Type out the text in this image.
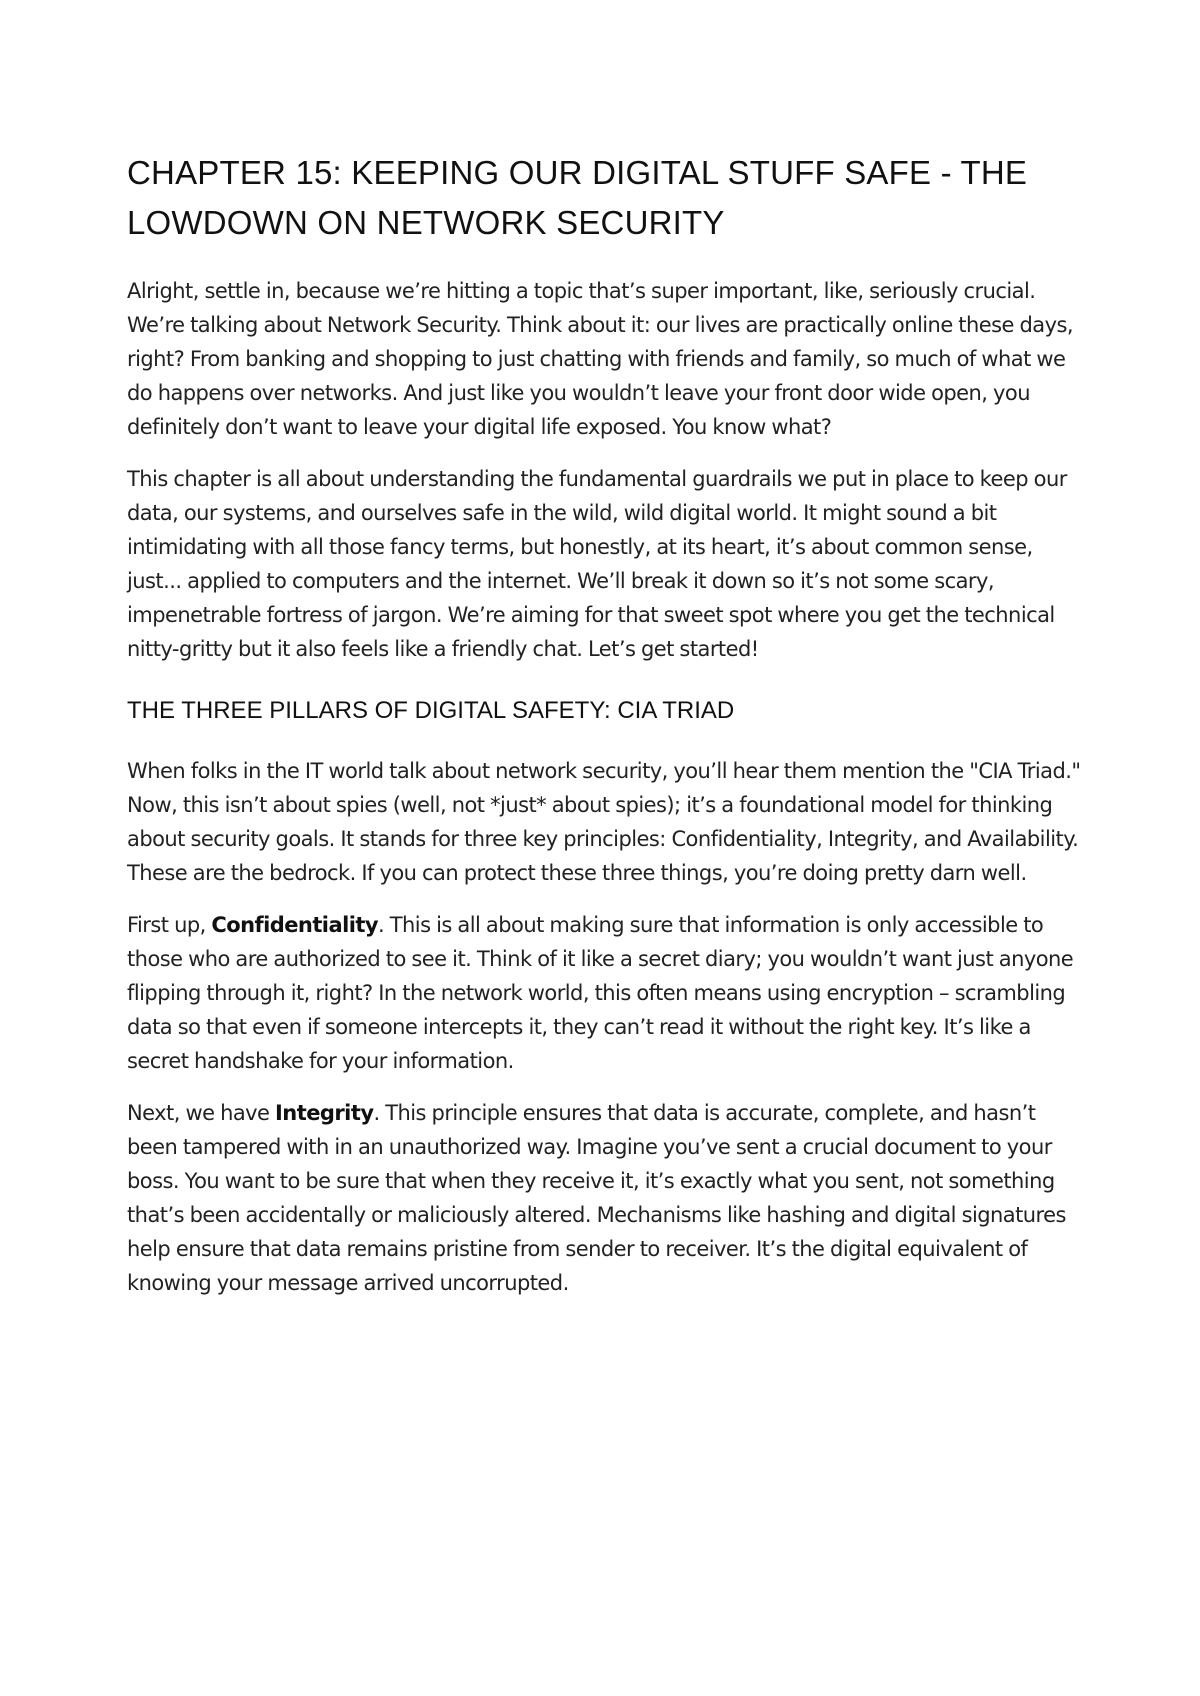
CHAPTER 15: KEEPING OUR DIGITAL STUFF SAFE - THE LOWDOWN ON NETWORK SECURITY

Alright, settle in, because we’re hitting a topic that’s super important, like, seriously crucial. We’re talking about Network Security. Think about it: our lives are practically online these days, right? From banking and shopping to just chatting with friends and family, so much of what we do happens over networks. And just like you wouldn’t leave your front door wide open, you definitely don’t want to leave your digital life exposed. You know what?

This chapter is all about understanding the fundamental guardrails we put in place to keep our data, our systems, and ourselves safe in the wild, wild digital world. It might sound a bit intimidating with all those fancy terms, but honestly, at its heart, it’s about common sense, just... applied to computers and the internet. We’ll break it down so it’s not some scary, impenetrable fortress of jargon. We’re aiming for that sweet spot where you get the technical nitty-gritty but it also feels like a friendly chat. Let’s get started!

THE THREE PILLARS OF DIGITAL SAFETY: CIA TRIAD

When folks in the IT world talk about network security, you’ll hear them mention the "CIA Triad." Now, this isn’t about spies (well, not *just* about spies); it’s a foundational model for thinking about security goals. It stands for three key principles: Confidentiality, Integrity, and Availability. These are the bedrock. If you can protect these three things, you’re doing pretty darn well.

First up, Confidentiality. This is all about making sure that information is only accessible to those who are authorized to see it. Think of it like a secret diary; you wouldn’t want just anyone flipping through it, right? In the network world, this often means using encryption – scrambling data so that even if someone intercepts it, they can’t read it without the right key. It’s like a secret handshake for your information.

Next, we have Integrity. This principle ensures that data is accurate, complete, and hasn’t been tampered with in an unauthorized way. Imagine you’ve sent a crucial document to your boss. You want to be sure that when they receive it, it’s exactly what you sent, not something that’s been accidentally or maliciously altered. Mechanisms like hashing and digital signatures help ensure that data remains pristine from sender to receiver. It’s the digital equivalent of knowing your message arrived uncorrupted.
